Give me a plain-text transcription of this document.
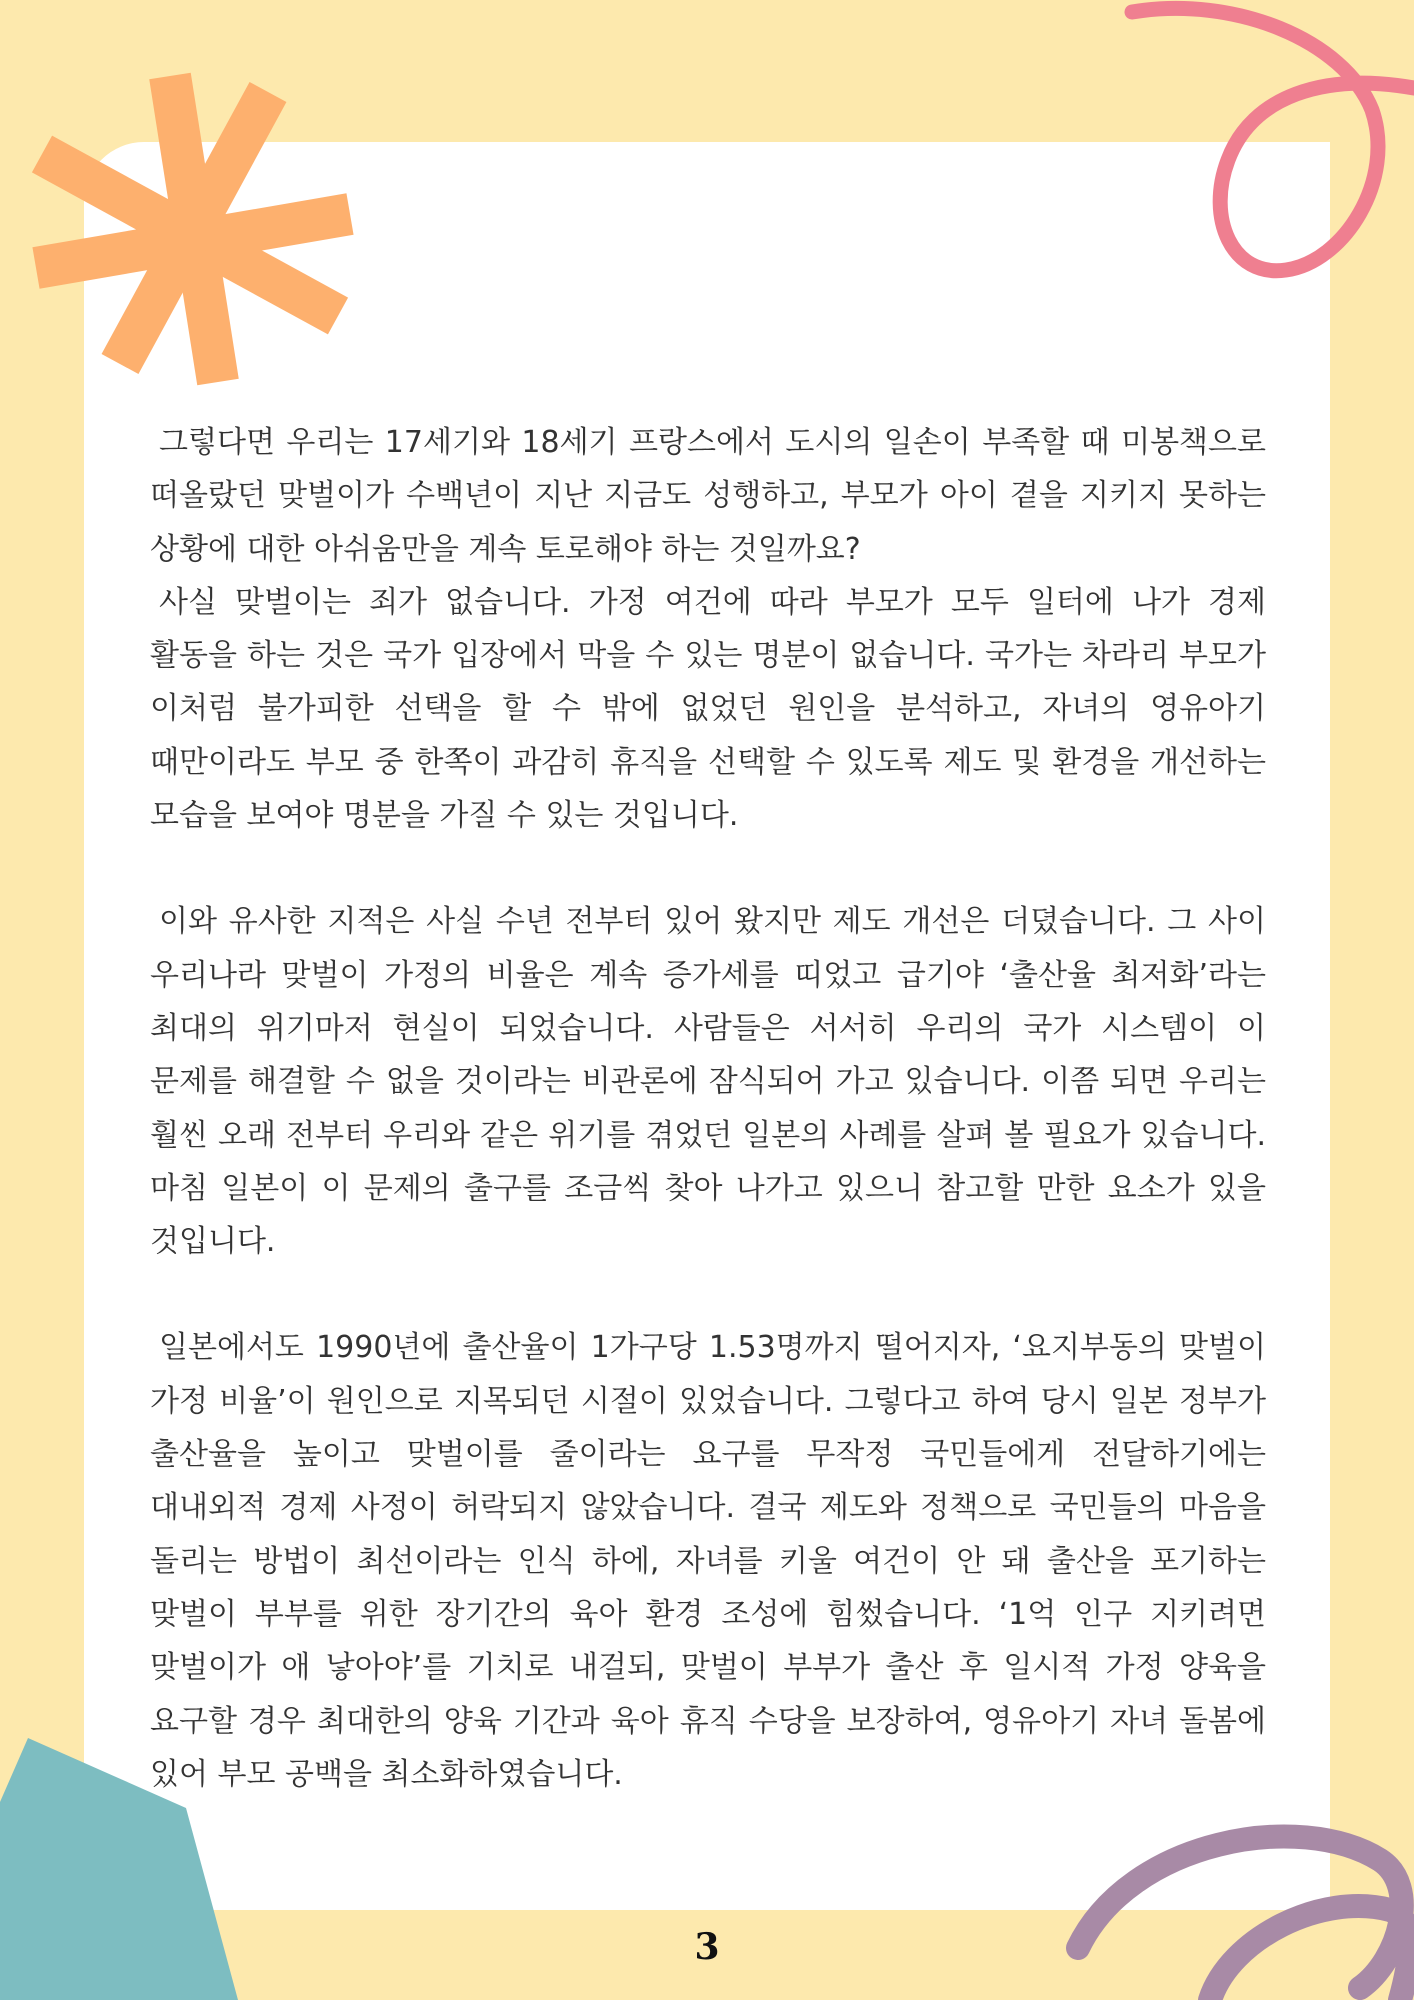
그렇다면 우리는 17세기와 18세기 프랑스에서 도시의 일손이 부족할 때 미봉책으로 떠올랐던 맞벌이가 수백년이 지난 지금도 성행하고, 부모가 아이 곁을 지키지 못하는 상황에 대한 아쉬움만을 계속 토로해야 하는 것일까요?

사실 맞벌이는 죄가 없습니다. 가정 여건에 따라 부모가 모두 일터에 나가 경제 활동을 하는 것은 국가 입장에서 막을 수 있는 명분이 없습니다. 국가는 차라리 부모가 이처럼 불가피한 선택을 할 수 밖에 없었던 원인을 분석하고, 자녀의 영유아기 때만이라도 부모 중 한쪽이 과감히 휴직을 선택할 수 있도록 제도 및 환경을 개선하는 모습을 보여야 명분을 가질 수 있는 것입니다.

이와 유사한 지적은 사실 수년 전부터 있어 왔지만 제도 개선은 더뎠습니다. 그 사이 우리나라 맞벌이 가정의 비율은 계속 증가세를 띠었고 급기야 ‘출산율 최저화’라는 최대의 위기마저 현실이 되었습니다. 사람들은 서서히 우리의 국가 시스템이 이 문제를 해결할 수 없을 것이라는 비관론에 잠식되어 가고 있습니다. 이쯤 되면 우리는 훨씬 오래 전부터 우리와 같은 위기를 겪었던 일본의 사례를 살펴 볼 필요가 있습니다. 마침 일본이 이 문제의 출구를 조금씩 찾아 나가고 있으니 참고할 만한 요소가 있을 것입니다.

일본에서도 1990년에 출산율이 1가구당 1.53명까지 떨어지자, ‘요지부동의 맞벌이 가정 비율’이 원인으로 지목되던 시절이 있었습니다. 그렇다고 하여 당시 일본 정부가 출산율을 높이고 맞벌이를 줄이라는 요구를 무작정 국민들에게 전달하기에는 대내외적 경제 사정이 허락되지 않았습니다. 결국 제도와 정책으로 국민들의 마음을 돌리는 방법이 최선이라는 인식 하에, 자녀를 키울 여건이 안 돼 출산을 포기하는 맞벌이 부부를 위한 장기간의 육아 환경 조성에 힘썼습니다. ‘1억 인구 지키려면 맞벌이가 애 낳아야’를 기치로 내걸되, 맞벌이 부부가 출산 후 일시적 가정 양육을 요구할 경우 최대한의 양육 기간과 육아 휴직 수당을 보장하여, 영유아기 자녀 돌봄에 있어 부모 공백을 최소화하였습니다.

3
